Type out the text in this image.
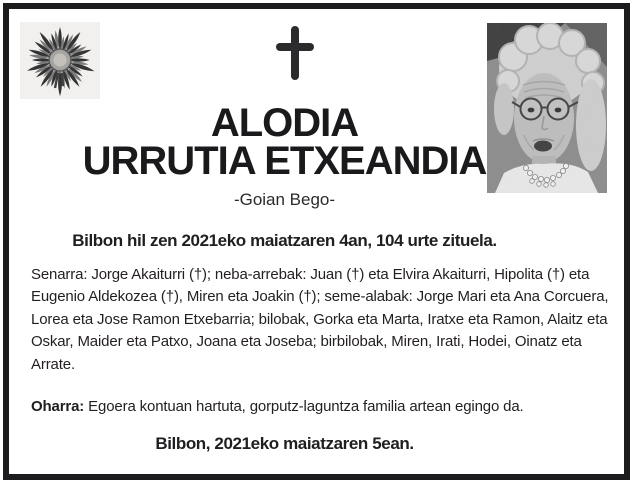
ALODIA
URRUTIA ETXEANDIA
-Goian Bego-
Bilbon hil zen 2021eko maiatzaren 4an, 104 urte zituela.

Senarra: Jorge Akaiturri (†); neba-arrebak: Juan (†) eta Elvira Akaiturri, Hipolita (†) eta Eugenio Aldekozea (†), Miren eta Joakin (†); seme-alabak: Jorge Mari eta Ana Corcuera, Lorea eta Jose Ramon Etxebarria; bilobak, Gorka eta Marta, Iratxe eta Ramon, Alaitz eta Oskar, Maider eta Patxo, Joana eta Joseba; birbilobak, Miren, Irati, Hodei, Oinatz eta Arrate.

Oharra: Egoera kontuan hartuta, gorputz-laguntza familia artean egingo da.

Bilbon, 2021eko maiatzaren 5ean.
